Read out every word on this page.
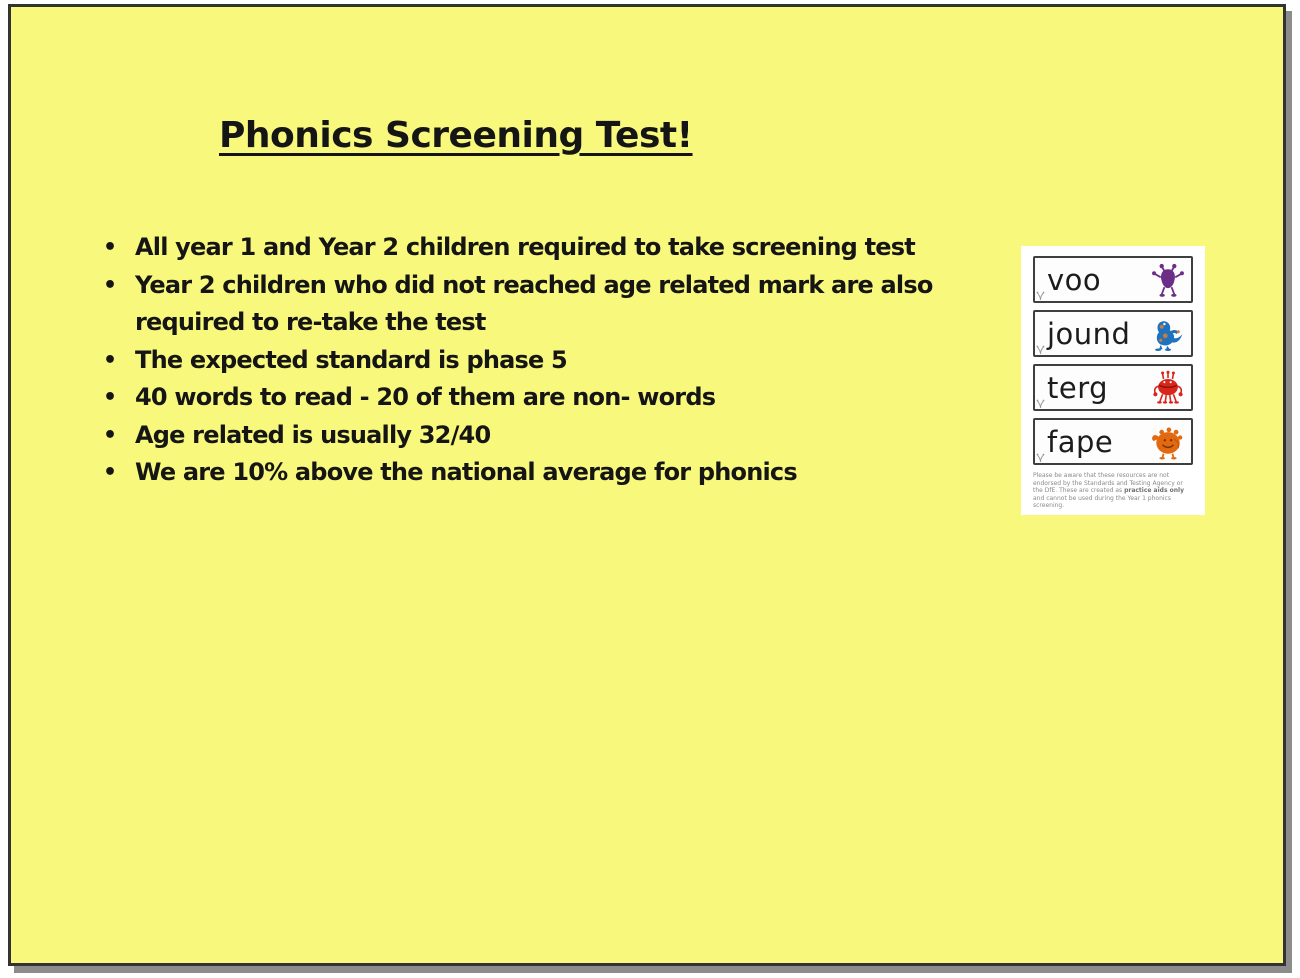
Phonics Screening Test!
• All year 1 and Year 2 children required to take screening test
• Year 2 children who did not reached age related mark are also required to re-take the test
• The expected standard is phase 5
• 40 words to read - 20 of them are non- words
• Age related is usually 32/40
• We are 10% above the national average for phonics
voo
jound
terg
fape

Please be aware that these resources are not endorsed by the Standards and Testing Agency or the DfE. These are created as practice aids only and cannot be used during the Year 1 phonics screening.
